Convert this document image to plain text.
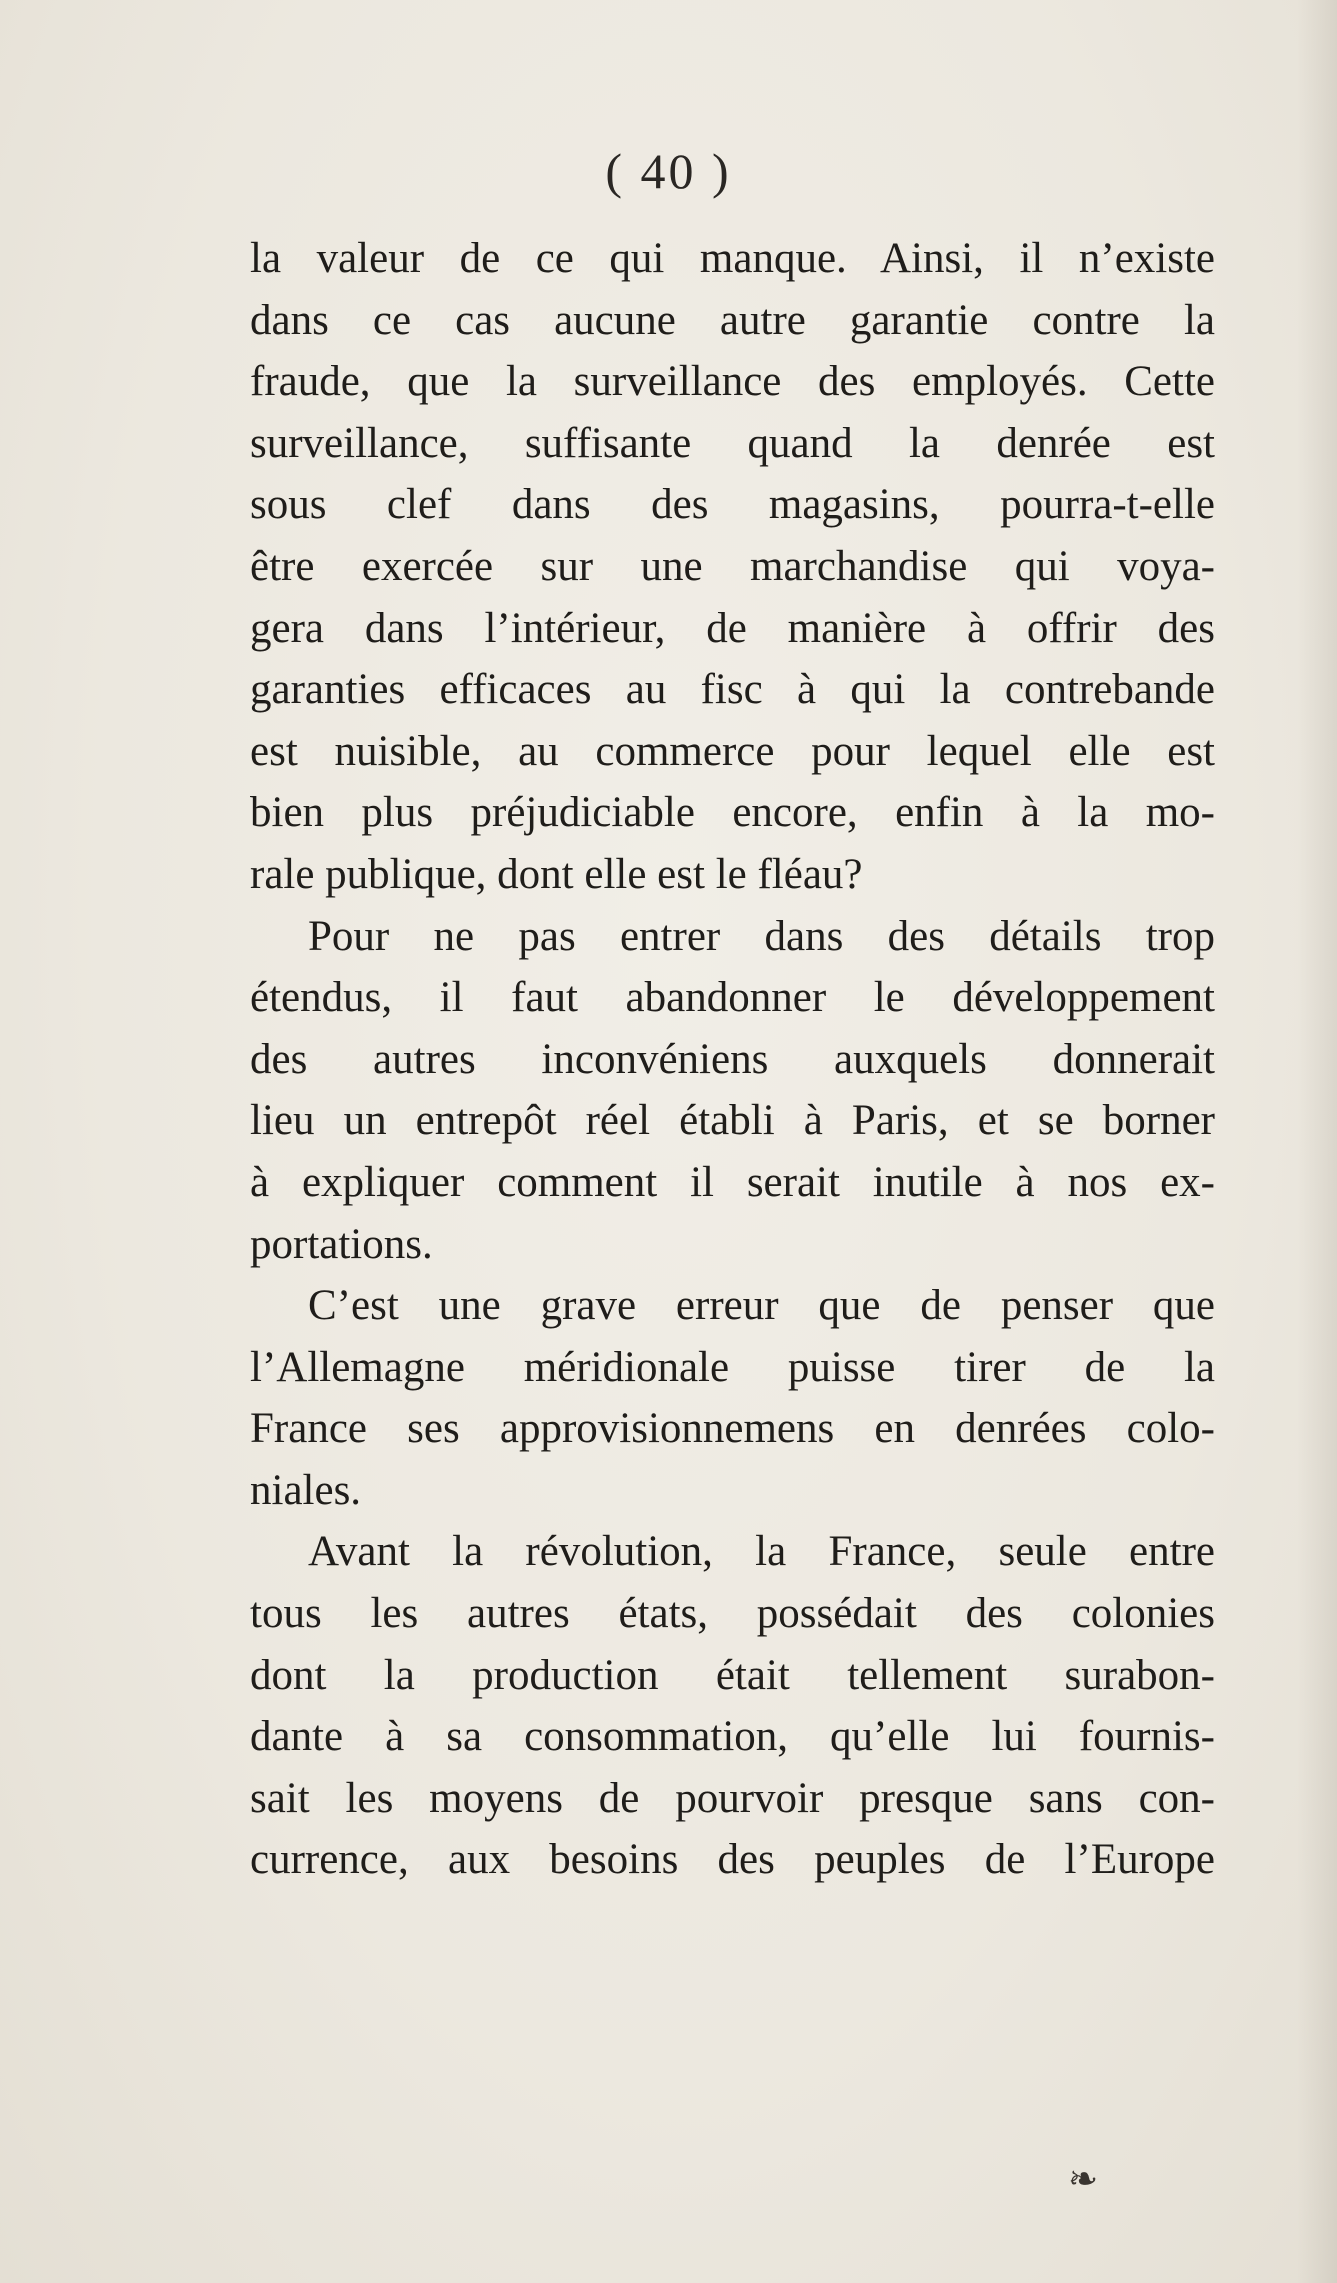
( 40 )
la valeur de ce qui manque. Ainsi, il n’existe
dans ce cas aucune autre garantie contre la
fraude, que la surveillance des employés. Cette
surveillance, suffisante quand la denrée est
sous clef dans des magasins, pourra-t-elle
être exercée sur une marchandise qui voya-
gera dans l’intérieur, de manière à offrir des
garanties efficaces au fisc à qui la contrebande
est nuisible, au commerce pour lequel elle est
bien plus préjudiciable encore, enfin à la mo-
rale publique, dont elle est le fléau?
Pour ne pas entrer dans des détails trop
étendus, il faut abandonner le développement
des autres inconvéniens auxquels donnerait
lieu un entrepôt réel établi à Paris, et se borner
à expliquer comment il serait inutile à nos ex-
portations.
C’est une grave erreur que de penser que
l’Allemagne méridionale puisse tirer de la
France ses approvisionnemens en denrées colo-
niales.
Avant la révolution, la France, seule entre
tous les autres états, possédait des colonies
dont la production était tellement surabon-
dante à sa consommation, qu’elle lui fournis-
sait les moyens de pourvoir presque sans con-
currence, aux besoins des peuples de l’Europe
❧
